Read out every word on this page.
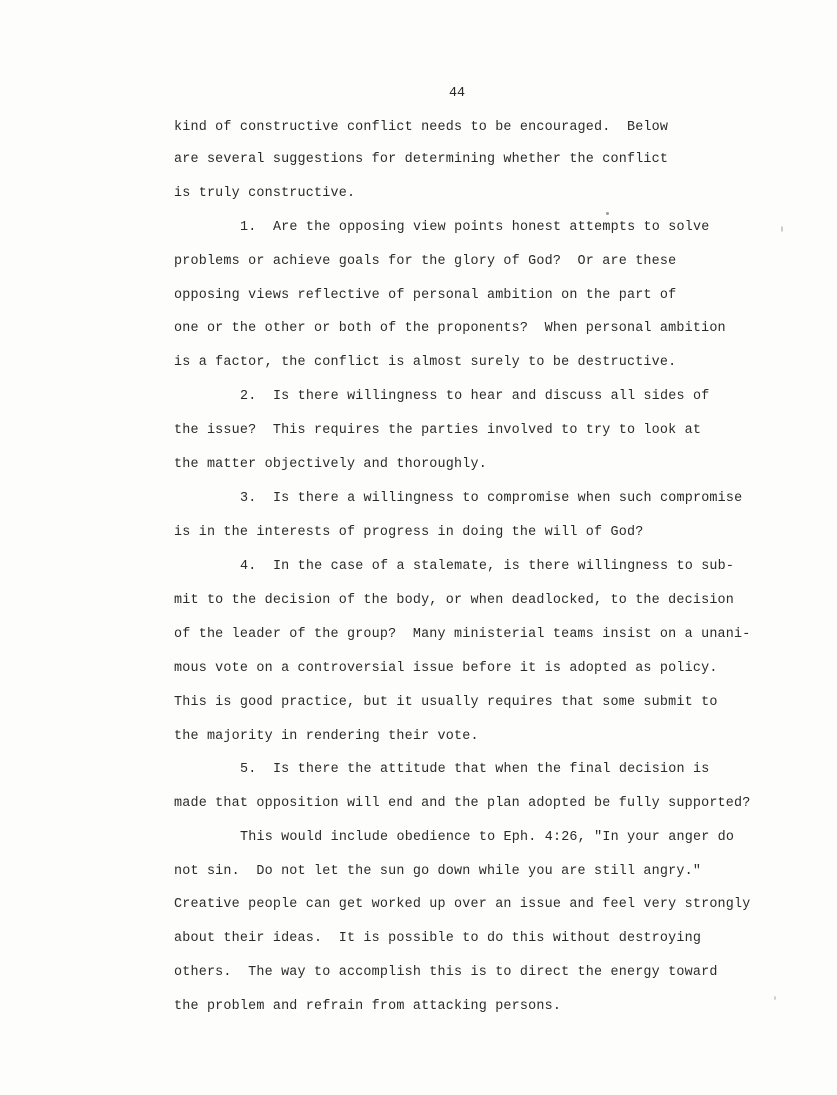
44
kind of constructive conflict needs to be encouraged.  Below
are several suggestions for determining whether the conflict
is truly constructive.
1.  Are the opposing view points honest attempts to solve
problems or achieve goals for the glory of God?  Or are these
opposing views reflective of personal ambition on the part of
one or the other or both of the proponents?  When personal ambition
is a factor, the conflict is almost surely to be destructive.
2.  Is there willingness to hear and discuss all sides of
the issue?  This requires the parties involved to try to look at
the matter objectively and thoroughly.
3.  Is there a willingness to compromise when such compromise
is in the interests of progress in doing the will of God?
4.  In the case of a stalemate, is there willingness to sub-
mit to the decision of the body, or when deadlocked, to the decision
of the leader of the group?  Many ministerial teams insist on a unani-
mous vote on a controversial issue before it is adopted as policy.
This is good practice, but it usually requires that some submit to
the majority in rendering their vote.
5.  Is there the attitude that when the final decision is
made that opposition will end and the plan adopted be fully supported?
This would include obedience to Eph. 4:26, "In your anger do
not sin.  Do not let the sun go down while you are still angry."
Creative people can get worked up over an issue and feel very strongly
about their ideas.  It is possible to do this without destroying
others.  The way to accomplish this is to direct the energy toward
the problem and refrain from attacking persons.
